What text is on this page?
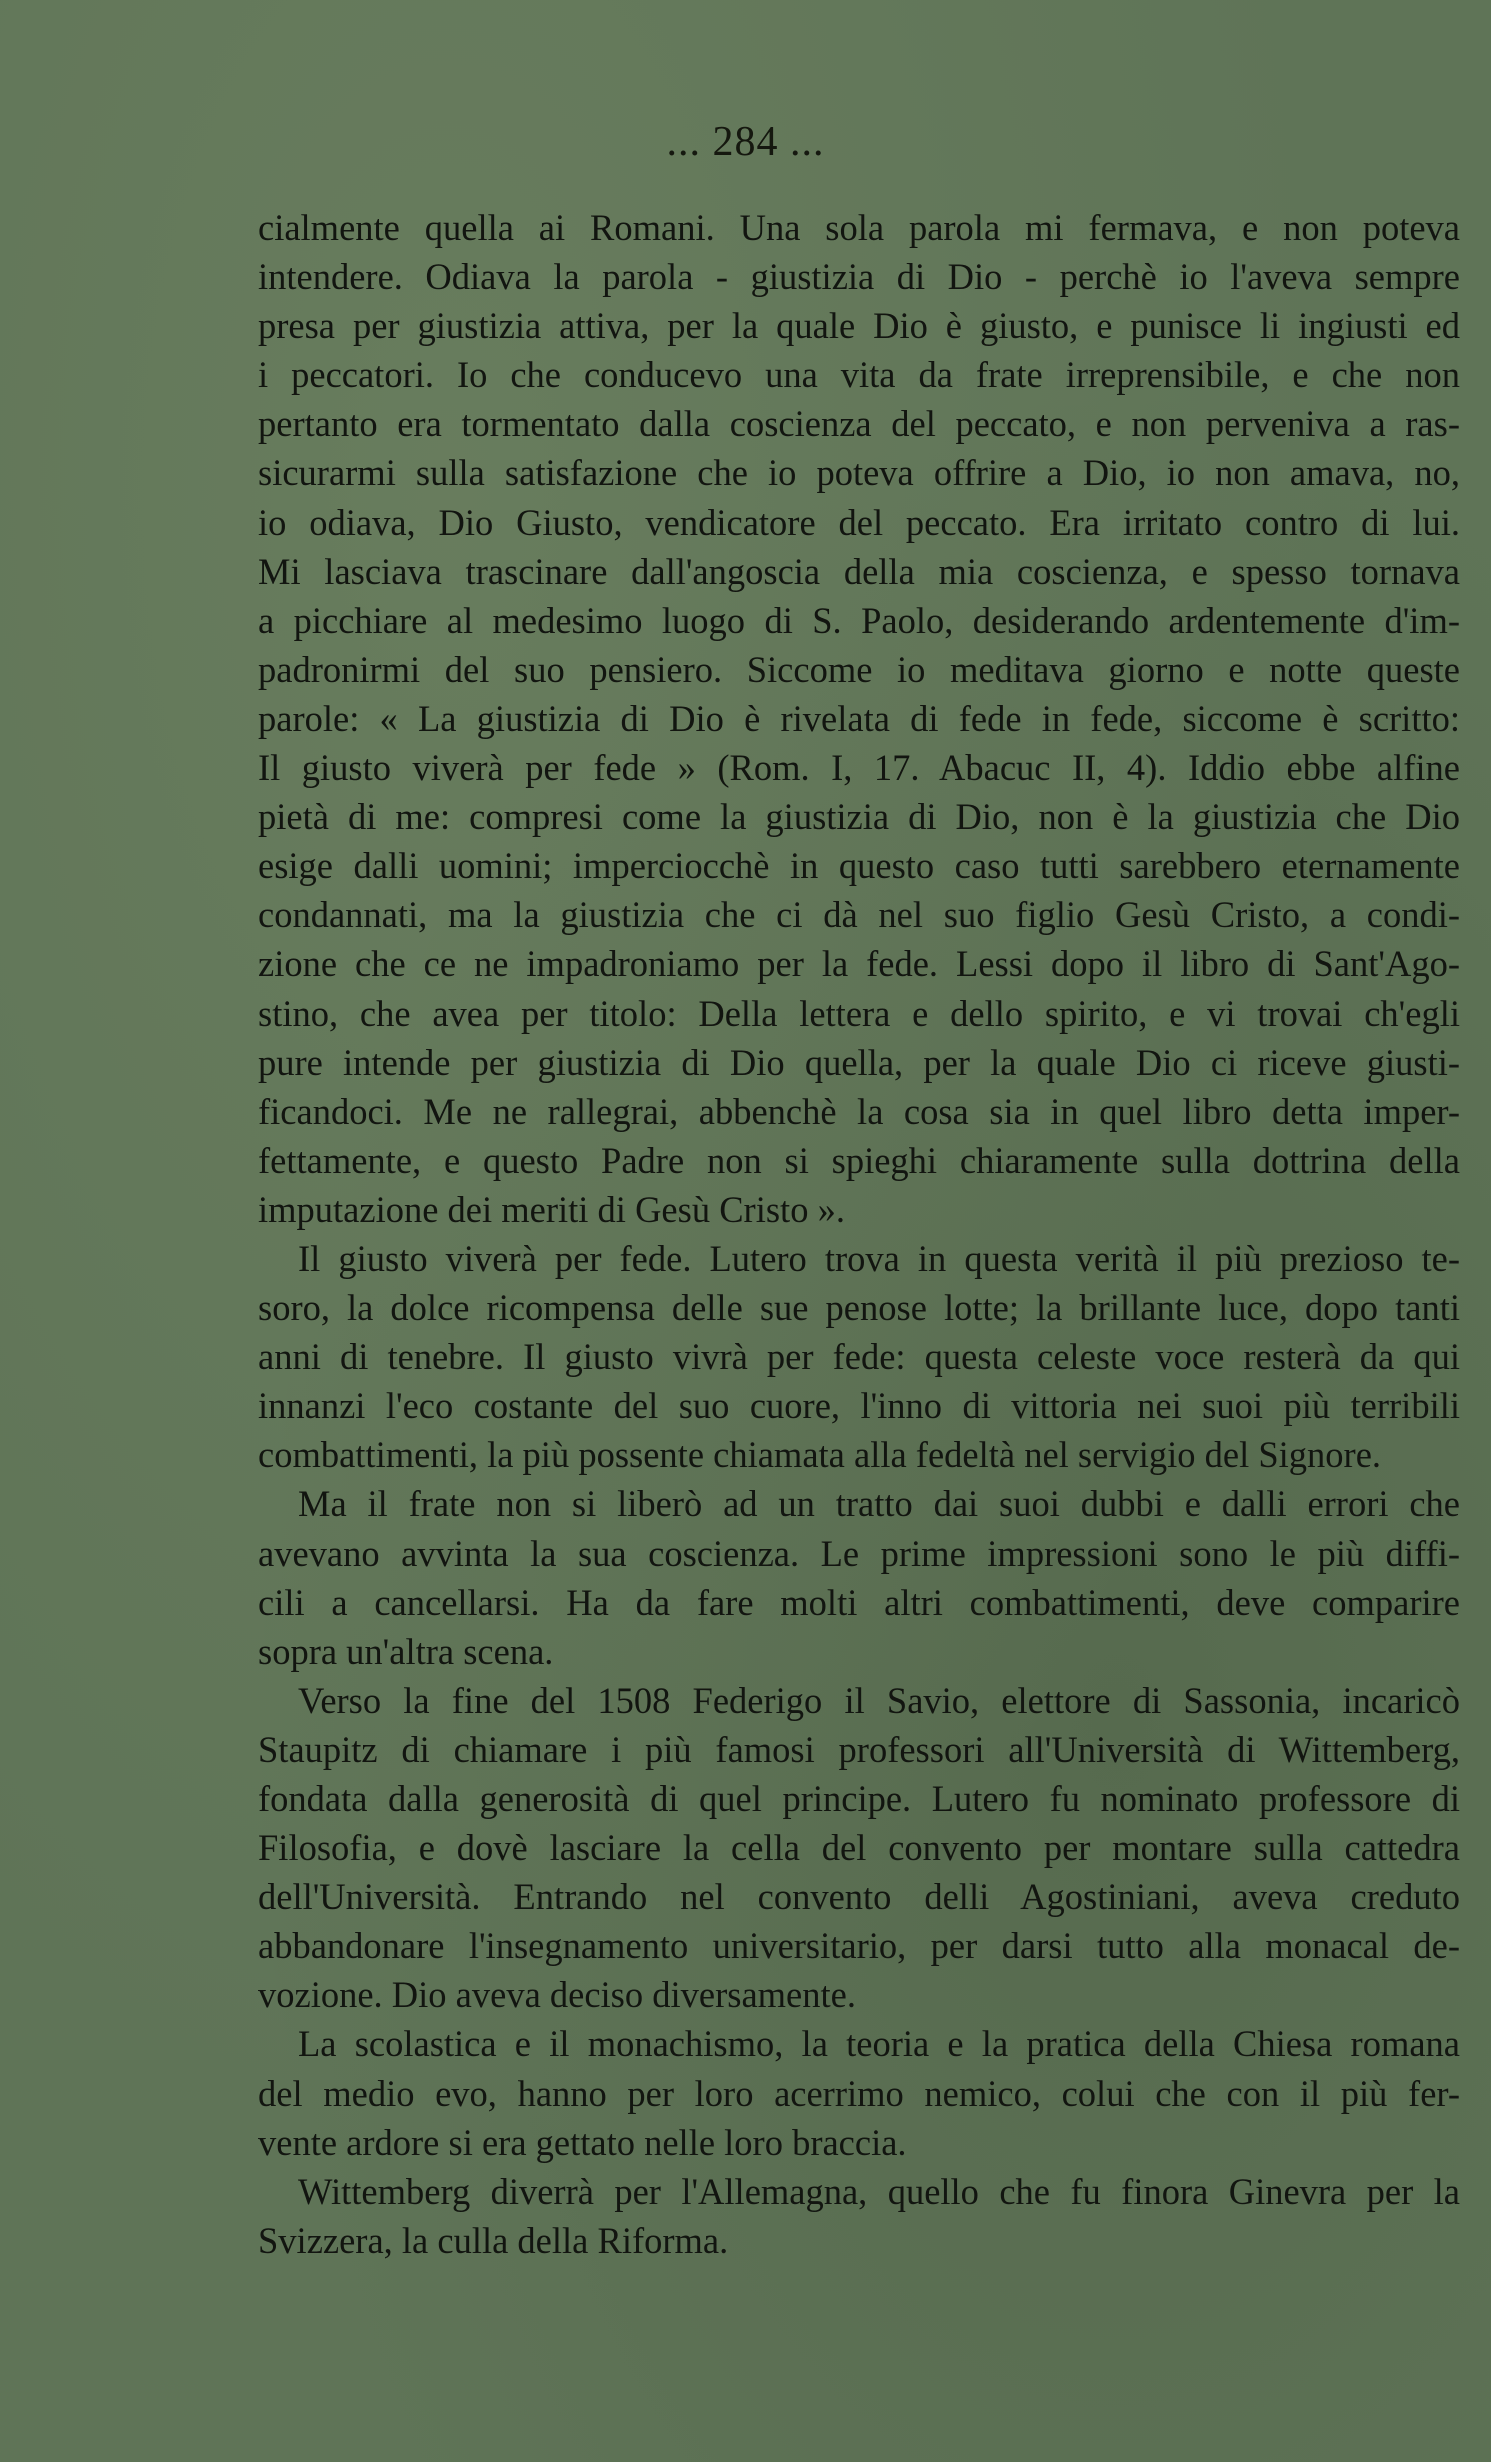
... 284 ...
cialmente quella ai Romani. Una sola parola mi fermava, e non poteva
intendere. Odiava la parola - giustizia di Dio - perchè io l'aveva sempre
presa per giustizia attiva, per la quale Dio è giusto, e punisce li ingiusti ed
i peccatori. Io che conducevo una vita da frate irreprensibile, e che non
pertanto era tormentato dalla coscienza del peccato, e non perveniva a ras-
sicurarmi sulla satisfazione che io poteva offrire a Dio, io non amava, no,
io odiava, Dio Giusto, vendicatore del peccato. Era irritato contro di lui.
Mi lasciava trascinare dall'angoscia della mia coscienza, e spesso tornava
a picchiare al medesimo luogo di S. Paolo, desiderando ardentemente d'im-
padronirmi del suo pensiero. Siccome io meditava giorno e notte queste
parole: « La giustizia di Dio è rivelata di fede in fede, siccome è scritto:
Il giusto viverà per fede » (Rom. I, 17. Abacuc II, 4). Iddio ebbe alfine
pietà di me: compresi come la giustizia di Dio, non è la giustizia che Dio
esige dalli uomini; imperciocchè in questo caso tutti sarebbero eternamente
condannati, ma la giustizia che ci dà nel suo figlio Gesù Cristo, a condi-
zione che ce ne impadroniamo per la fede. Lessi dopo il libro di Sant'Ago-
stino, che avea per titolo: Della lettera e dello spirito, e vi trovai ch'egli
pure intende per giustizia di Dio quella, per la quale Dio ci riceve giusti-
ficandoci. Me ne rallegrai, abbenchè la cosa sia in quel libro detta imper-
fettamente, e questo Padre non si spieghi chiaramente sulla dottrina della
imputazione dei meriti di Gesù Cristo ».
Il giusto viverà per fede. Lutero trova in questa verità il più prezioso te-
soro, la dolce ricompensa delle sue penose lotte; la brillante luce, dopo tanti
anni di tenebre. Il giusto vivrà per fede: questa celeste voce resterà da qui
innanzi l'eco costante del suo cuore, l'inno di vittoria nei suoi più terribili
combattimenti, la più possente chiamata alla fedeltà nel servigio del Signore.
Ma il frate non si liberò ad un tratto dai suoi dubbi e dalli errori che
avevano avvinta la sua coscienza. Le prime impressioni sono le più diffi-
cili a cancellarsi. Ha da fare molti altri combattimenti, deve comparire
sopra un'altra scena.
Verso la fine del 1508 Federigo il Savio, elettore di Sassonia, incaricò
Staupitz di chiamare i più famosi professori all'Università di Wittemberg,
fondata dalla generosità di quel principe. Lutero fu nominato professore di
Filosofia, e dovè lasciare la cella del convento per montare sulla cattedra
dell'Università. Entrando nel convento delli Agostiniani, aveva creduto
abbandonare l'insegnamento universitario, per darsi tutto alla monacal de-
vozione. Dio aveva deciso diversamente.
La scolastica e il monachismo, la teoria e la pratica della Chiesa romana
del medio evo, hanno per loro acerrimo nemico, colui che con il più fer-
vente ardore si era gettato nelle loro braccia.
Wittemberg diverrà per l'Allemagna, quello che fu finora Ginevra per la
Svizzera, la culla della Riforma.
